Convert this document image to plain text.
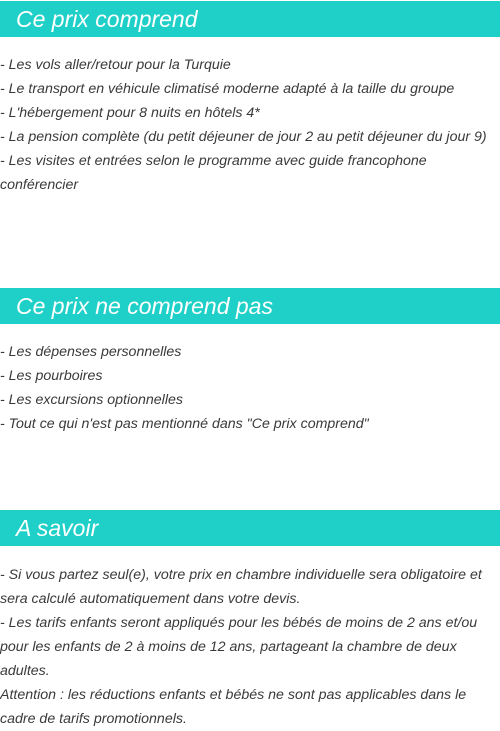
Ce prix comprend
- Les vols aller/retour pour la Turquie
- Le transport en véhicule climatisé moderne adapté à la taille du groupe
- L'hébergement pour 8 nuits en hôtels 4*
- La pension complète (du petit déjeuner de jour 2 au petit déjeuner du jour 9)
- Les visites et entrées selon le programme avec guide francophone conférencier
Ce prix ne comprend pas
- Les dépenses personnelles
- Les pourboires
- Les excursions optionnelles
- Tout ce qui n'est pas mentionné dans "Ce prix comprend"
A savoir
- Si vous partez seul(e), votre prix en chambre individuelle sera obligatoire et sera calculé automatiquement dans votre devis.
- Les tarifs enfants seront appliqués pour les bébés de moins de 2 ans et/ou pour les enfants de 2 à moins de 12 ans, partageant la chambre de deux adultes.
Attention : les réductions enfants et bébés ne sont pas applicables dans le cadre de tarifs promotionnels.
